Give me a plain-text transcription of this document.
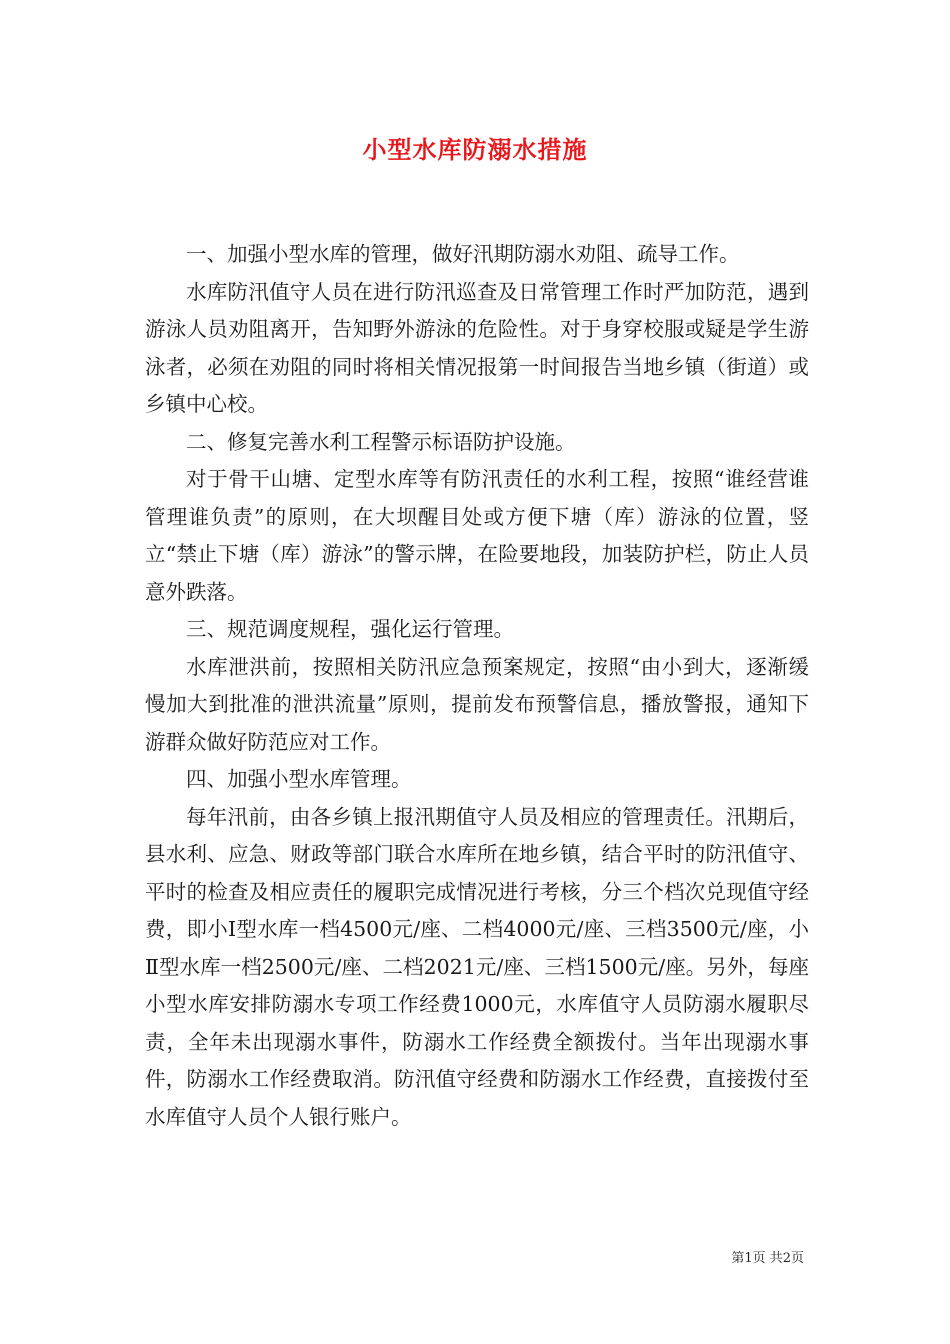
小型水库防溺水措施

一、加强小型水库的管理，做好汛期防溺水劝阻、疏导工作。

水库防汛值守人员在进行防汛巡查及日常管理工作时严加防范，遇到游泳人员劝阻离开，告知野外游泳的危险性。对于身穿校服或疑是学生游泳者，必须在劝阻的同时将相关情况报第一时间报告当地乡镇（街道）或乡镇中心校。

二、修复完善水利工程警示标语防护设施。

对于骨干山塘、定型水库等有防汛责任的水利工程，按照“谁经营谁管理谁负责”的原则，在大坝醒目处或方便下塘（库）游泳的位置，竖立“禁止下塘（库）游泳”的警示牌，在险要地段，加装防护栏，防止人员意外跌落。

三、规范调度规程，强化运行管理。

水库泄洪前，按照相关防汛应急预案规定，按照“由小到大，逐渐缓慢加大到批准的泄洪流量”原则，提前发布预警信息，播放警报，通知下游群众做好防范应对工作。

四、加强小型水库管理。

每年汛前，由各乡镇上报汛期值守人员及相应的管理责任。汛期后，县水利、应急、财政等部门联合水库所在地乡镇，结合平时的防汛值守、平时的检查及相应责任的履职完成情况进行考核，分三个档次兑现值守经费，即小Ⅰ型水库一档4500元/座、二档4000元/座、三档3500元/座，小Ⅱ型水库一档2500元/座、二档2021元/座、三档1500元/座。另外，每座小型水库安排防溺水专项工作经费1000元，水库值守人员防溺水履职尽责，全年未出现溺水事件，防溺水工作经费全额拨付。当年出现溺水事件，防溺水工作经费取消。防汛值守经费和防溺水工作经费，直接拨付至水库值守人员个人银行账户。

第1页 共2页
